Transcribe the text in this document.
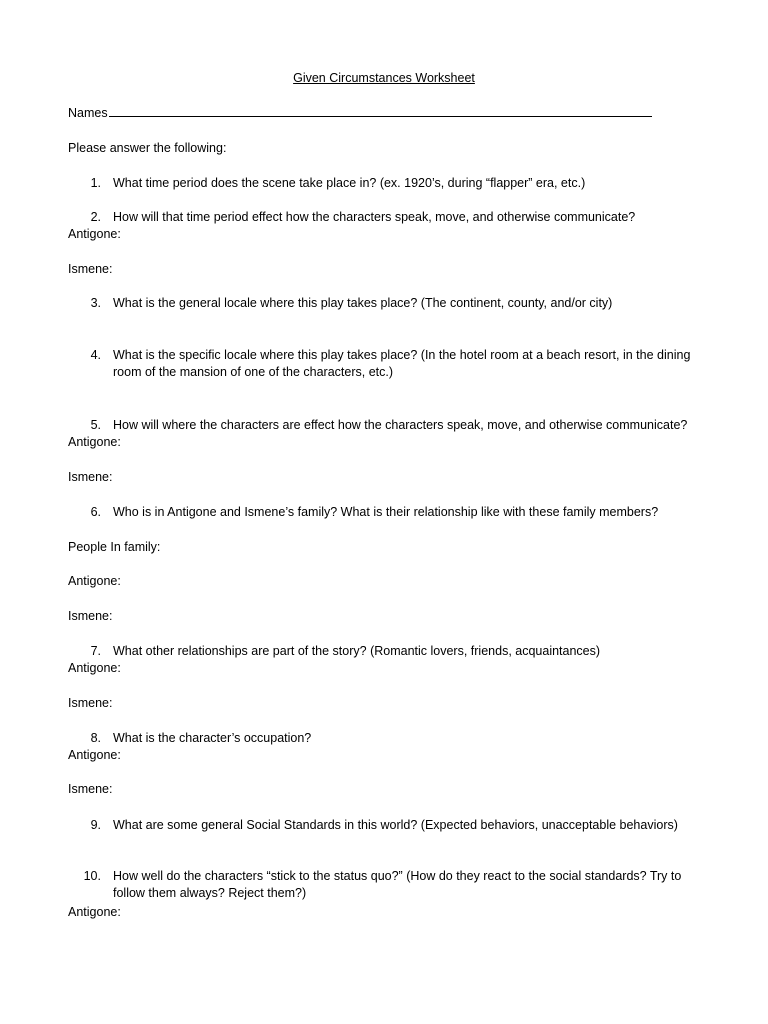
Given Circumstances Worksheet
Names
Please answer the following:
1. What time period does the scene take place in? (ex. 1920’s, during “flapper” era, etc.)
2. How will that time period effect how the characters speak, move, and otherwise communicate?
Antigone:
Ismene:
3. What is the general locale where this play takes place? (The continent, county, and/or city)
4. What is the specific locale where this play takes place? (In the hotel room at a beach resort, in the dining room of the mansion of one of the characters, etc.)
5. How will where the characters are effect how the characters speak, move, and otherwise communicate?
Antigone:
Ismene:
6. Who is in Antigone and Ismene’s family? What is their relationship like with these family members?
People In family:
Antigone:
Ismene:
7. What other relationships are part of the story? (Romantic lovers, friends, acquaintances)
Antigone:
Ismene:
8. What is the character’s occupation?
Antigone:
Ismene:
9. What are some general Social Standards in this world? (Expected behaviors, unacceptable behaviors)
10. How well do the characters “stick to the status quo?” (How do they react to the social standards? Try to follow them always? Reject them?)
Antigone:
